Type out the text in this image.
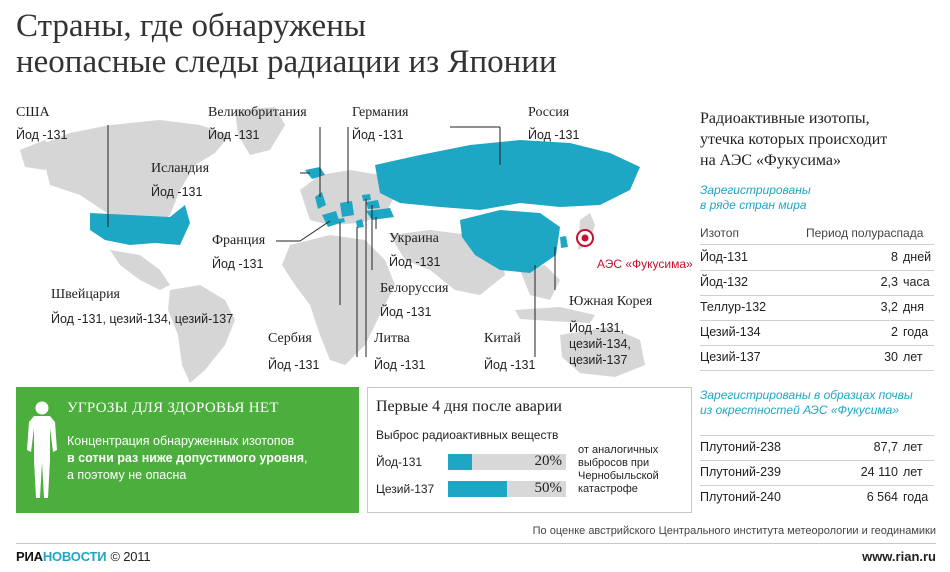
Страны, где обнаружены
неопасные следы радиации из Японии
США
Йод -131
Великобритания
Йод -131
Германия
Йод -131
Россия
Йод -131
Исландия
Йод -131
Франция
Йод -131
Украина
Йод -131
Белоруссия
Йод -131
Швейцария
Йод -131, цезий-134, цезий-137
Сербия
Йод -131
Литва
Йод -131
Китай
Йод -131
Южная Корея
Йод -131,
цезий-134,
цезий-137
АЭС «Фукусима»
Радиоактивные изотопы,
утечка которых происходит
на АЭС «Фукусима»
Зарегистрированы
в ряде стран мира
Изотоп	Период полураспада
Йод-131	8 дней
Йод-132	2,3 часа
Теллур-132	3,2 дня
Цезий-134	2 года
Цезий-137	30 лет
Зарегистрированы в образцах почвы
из окрестностей АЭС «Фукусима»
Плутоний-238	87,7 лет
Плутоний-239	24 110 лет
Плутоний-240	6 564 года
УГРОЗЫ ДЛЯ ЗДОРОВЬЯ НЕТ
Концентрация обнаруженных изотопов
в сотни раз ниже допустимого уровня,
а поэтому не опасна
Первые 4 дня после аварии
Выброс радиоактивных веществ
Йод-131	20%
Цезий-137	50%
от аналогичных
выбросов при
Чернобыльской
катастрофе
По оценке австрийского Центрального института метеорологии и геодинамики
РИАНОВОСТИ © 2011	www.rian.ru
